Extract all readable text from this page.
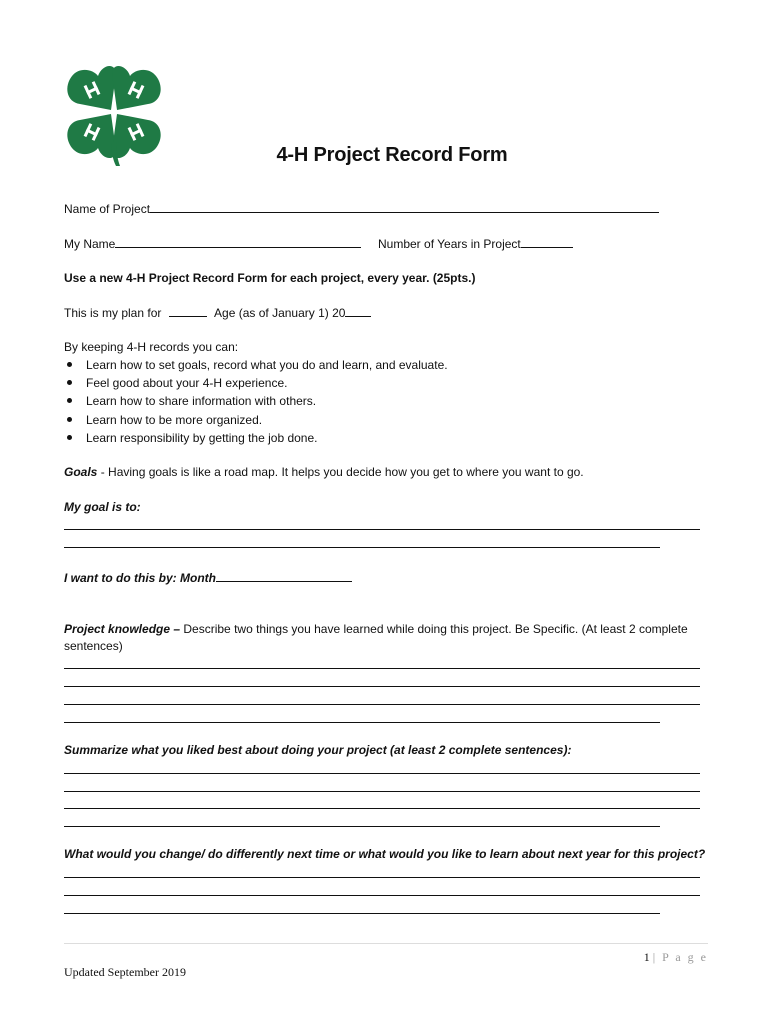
4-H Project Record Form
Name of Project
My Name	Number of Years in Project
Use a new 4-H Project Record Form for each project, every year. (25pts.)
This is my plan for	Age (as of January 1) 20
By keeping 4-H records you can:
Learn how to set goals, record what you do and learn, and evaluate.
Feel good about your 4-H experience.
Learn how to share information with others.
Learn how to be more organized.
Learn responsibility by getting the job done.
Goals - Having goals is like a road map. It helps you decide how you get to where you want to go.
My goal is to:
I want to do this by: Month
Project knowledge – Describe two things you have learned while doing this project. Be Specific. (At least 2 complete
sentences)
Summarize what you liked best about doing your project (at least 2 complete sentences):
What would you change/ do differently next time or what would you like to learn about next year for this project?
1 | P a g e
Updated September 2019
